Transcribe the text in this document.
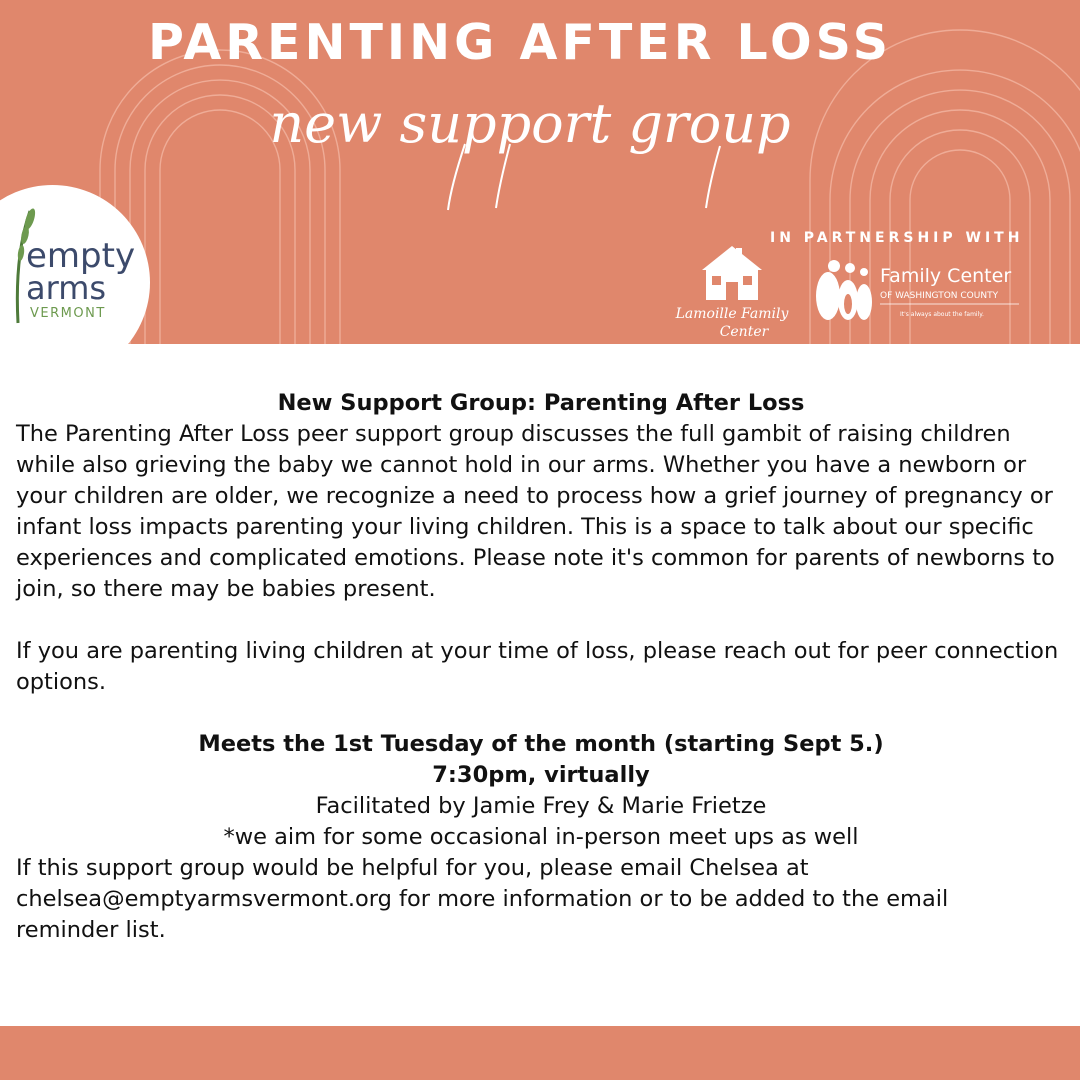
PARENTING AFTER LOSS
new support group
IN PARTNERSHIP WITH
Lamoille Family
Center
Family Center
OF WASHINGTON COUNTY
It's always about the family.
empty
arms
VERMONT
New Support Group: Parenting After Loss

The Parenting After Loss peer support group discusses the full gambit of raising children while also grieving the baby we cannot hold in our arms. Whether you have a newborn or your children are older, we recognize a need to process how a grief journey of pregnancy or infant loss impacts parenting your living children. This is a space to talk about our specific experiences and complicated emotions. Please note it's common for parents of newborns to join, so there may be babies present.

If you are parenting living children at your time of loss, please reach out for peer connection options.

Meets the 1st Tuesday of the month (starting Sept 5.)
7:30pm, virtually
Facilitated by Jamie Frey & Marie Frietze
*we aim for some occasional in-person meet ups as well

If this support group would be helpful for you, please email Chelsea at chelsea@emptyarmsvermont.org for more information or to be added to the email reminder list.
